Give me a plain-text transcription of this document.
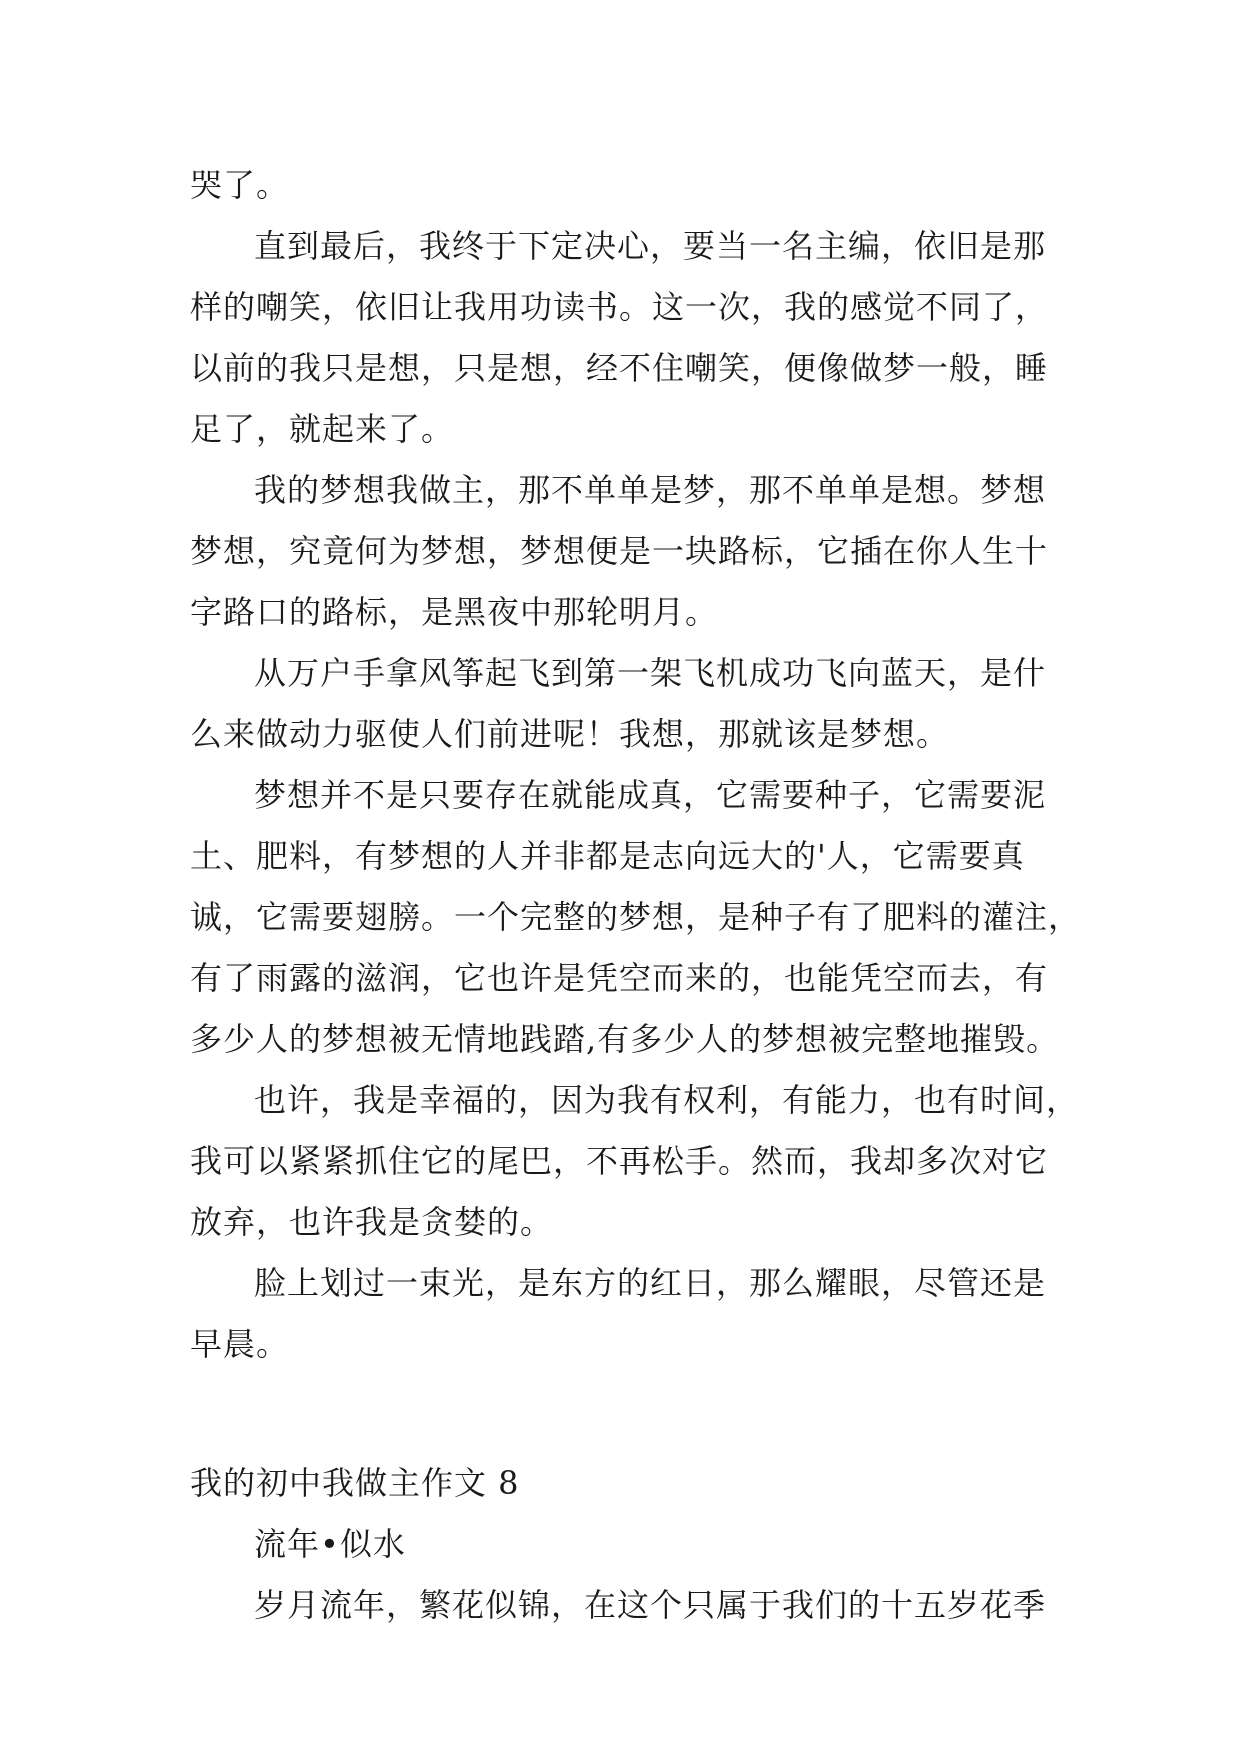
哭了。
直到最后，我终于下定决心，要当一名主编，依旧是那
样的嘲笑，依旧让我用功读书。这一次，我的感觉不同了，
以前的我只是想，只是想，经不住嘲笑，便像做梦一般，睡
足了，就起来了。
我的梦想我做主，那不单单是梦，那不单单是想。梦想
梦想，究竟何为梦想，梦想便是一块路标，它插在你人生十
字路口的路标，是黑夜中那轮明月。
从万户手拿风筝起飞到第一架飞机成功飞向蓝天，是什
么来做动力驱使人们前进呢！我想，那就该是梦想。
梦想并不是只要存在就能成真，它需要种子，它需要泥
土、肥料，有梦想的人并非都是志向远大的'人，它需要真
诚，它需要翅膀。一个完整的梦想，是种子有了肥料的灌注，
有了雨露的滋润，它也许是凭空而来的，也能凭空而去，有
多少人的梦想被无情地践踏,有多少人的梦想被完整地摧毁。
也许，我是幸福的，因为我有权利，有能力，也有时间，
我可以紧紧抓住它的尾巴，不再松手。然而，我却多次对它
放弃，也许我是贪婪的。
脸上划过一束光，是东方的红日，那么耀眼，尽管还是
早晨。
我的初中我做主作文 8
流年•似水
岁月流年，繁花似锦，在这个只属于我们的十五岁花季
